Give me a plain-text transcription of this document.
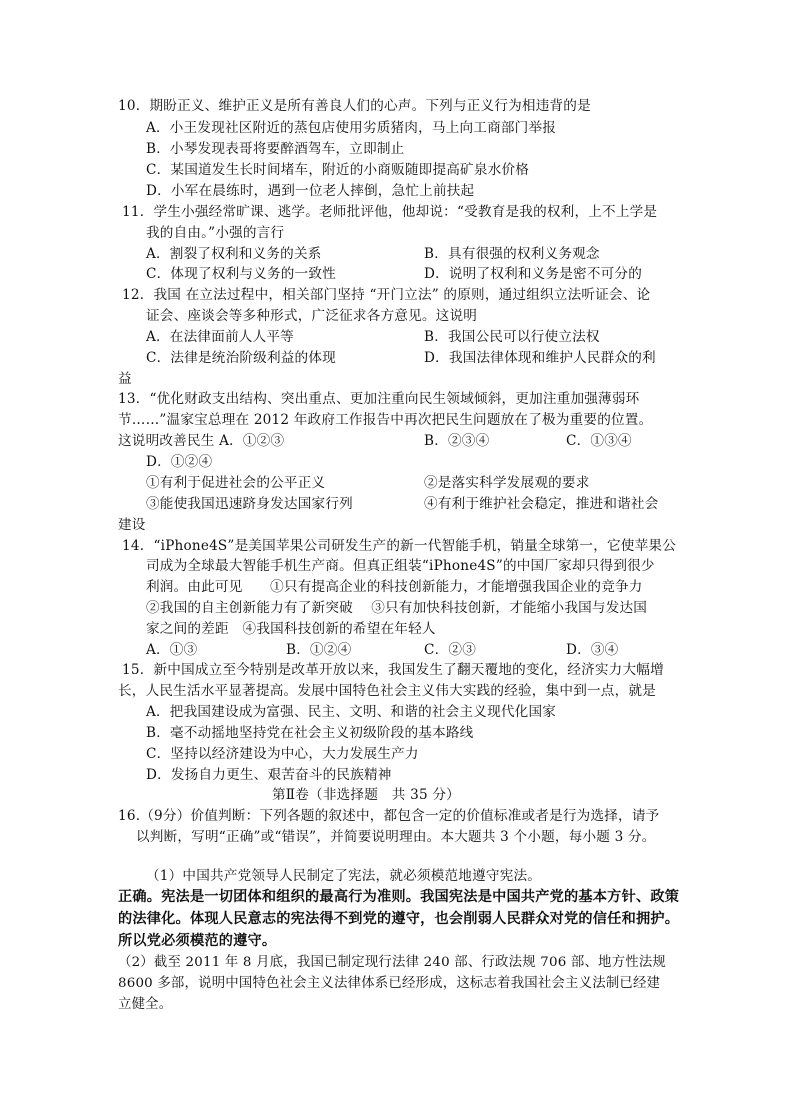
10．期盼正义、维护正义是所有善良人们的心声。下列与正义行为相违背的是
A．小王发现社区附近的蒸包店使用劣质猪肉，马上向工商部门举报
B．小琴发现表哥将要醉酒驾车，立即制止
C．某国道发生长时间堵车，附近的小商贩随即提高矿泉水价格
D．小军在晨练时，遇到一位老人摔倒，急忙上前扶起
11．学生小强经常旷课、逃学。老师批评他，他却说：“受教育是我的权利，上不上学是
我的自由。”小强的言行
A．割裂了权利和义务的关系	B．具有很强的权利义务观念
C．体现了权利与义务的一致性	D．说明了权利和义务是密不可分的
12．我国 在立法过程中，相关部门坚持 “开门立法” 的原则，通过组织立法听证会、论
证会、座谈会等多种形式，广泛征求各方意见。这说明
A．在法律面前人人平等	B．我国公民可以行使立法权
C．法律是统治阶级利益的体现	D．我国法律体现和维护人民群众的利
益
13．“优化财政支出结构、突出重点、更加注重向民生领域倾斜，更加注重加强薄弱环
节……”温家宝总理在 2012 年政府工作报告中再次把民生问题放在了极为重要的位置。
这说明改善民生 A．①②③	B．②③④	C．①③④
D．①②④
①有利于促进社会的公平正义	②是落实科学发展观的要求
③能使我国迅速跻身发达国家行列	④有利于维护社会稳定，推进和谐社会
建设
14．“iPhone4S”是美国苹果公司研发生产的新一代智能手机，销量全球第一，它使苹果公
司成为全球最大智能手机生产商。但真正组装“iPhone4S”的中国厂家却只得到很少
利润。由此可见　　①只有提高企业的科技创新能力，才能增强我国企业的竞争力
②我国的自主创新能力有了新突破　 ③只有加快科技创新，才能缩小我国与发达国
家之间的差距　④我国科技创新的希望在年轻人
A．①③	B．①②④	C．②③	D．③④
15．新中国成立至今特别是改革开放以来，我国发生了翻天覆地的变化，经济实力大幅增
长，人民生活水平显著提高。发展中国特色社会主义伟大实践的经验，集中到一点，就是
A．把我国建设成为富强、民主、文明、和谐的社会主义现代化国家
B．毫不动摇地坚持党在社会主义初级阶段的基本路线
C．坚持以经济建设为中心，大力发展生产力
D．发扬自力更生、艰苦奋斗的民族精神
第Ⅱ卷（非选择题　共 35 分）
16.（9分）价值判断：下列各题的叙述中，都包含一定的价值标准或者是行为选择，请予
以判断，写明“正确”或“错误”，并简要说明理由。本大题共 3 个小题，每小题 3 分。
（1）中国共产党领导人民制定了宪法，就必须模范地遵守宪法。
正确。宪法是一切团体和组织的最高行为准则。我国宪法是中国共产党的基本方针、政策
的法律化。体现人民意志的宪法得不到党的遵守，也会削弱人民群众对党的信任和拥护。
所以党必须模范的遵守。
（2）截至 2011 年 8 月底，我国已制定现行法律 240 部、行政法规 706 部、地方性法规
8600 多部，说明中国特色社会主义法律体系已经形成，这标志着我国社会主义法制已经建
立健全。
